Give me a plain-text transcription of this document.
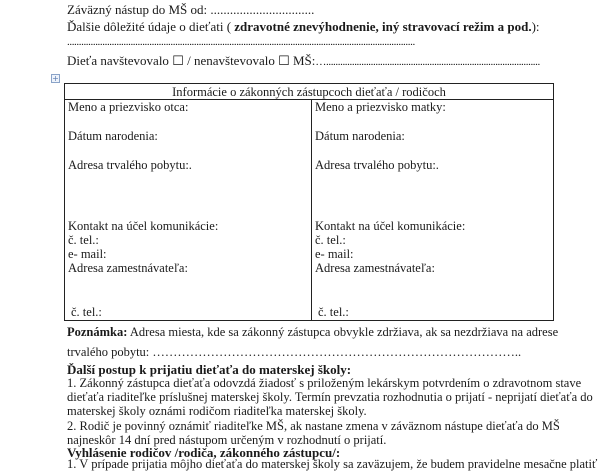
Záväzný nástup do MŠ od: ................................
Ďalšie dôležité údaje o dieťati ( zdravotné znevýhodnenie, iný stravovací režim a pod.):
....................................................................................................................................................
Dieťa navštevovalo ☐ / nenavštevovalo ☐ MŠ:…...........................................................................................
+
Informácie o zákonných zástupcoch dieťaťa / rodičoch

Meno a priezvisko otca:
Dátum narodenia:
Adresa trvalého pobytu:.
Kontakt na účel komunikácie:
č. tel.:
e- mail:
Adresa zamestnávateľa:
č. tel.:

Meno a priezvisko matky:
Dátum narodenia:
Adresa trvalého pobytu:.
Kontakt na účel komunikácie:
č. tel.:
e- mail:
Adresa zamestnávateľa:
č. tel.:
Poznámka: Adresa miesta, kde sa zákonný zástupca obvykle zdržiava, ak sa nezdržiava na adrese
trvalého pobytu: ……………………………………………………………………………..
Ďalší postup k prijatiu dieťaťa do materskej školy:
1. Zákonný zástupca dieťaťa odovzdá žiadosť s priloženým lekárskym potvrdením o zdravotnom stave
dieťaťa riaditeľke príslušnej materskej školy. Termín prevzatia rozhodnutia o prijatí - neprijatí dieťaťa do
materskej školy oznámi rodičom riaditeľka materskej školy.
2. Rodič je povinný oznámiť riaditeľke MŠ, ak nastane zmena v záväznom nástupe dieťaťa do MŠ
najneskôr 14 dní pred nástupom určeným v rozhodnutí o prijatí.
Vyhlásenie rodičov /rodiča, zákonného zástupcu/:
1. V prípade prijatia môjho dieťaťa do materskej školy sa zaväzujem, že budem pravidelne mesačne platiť
